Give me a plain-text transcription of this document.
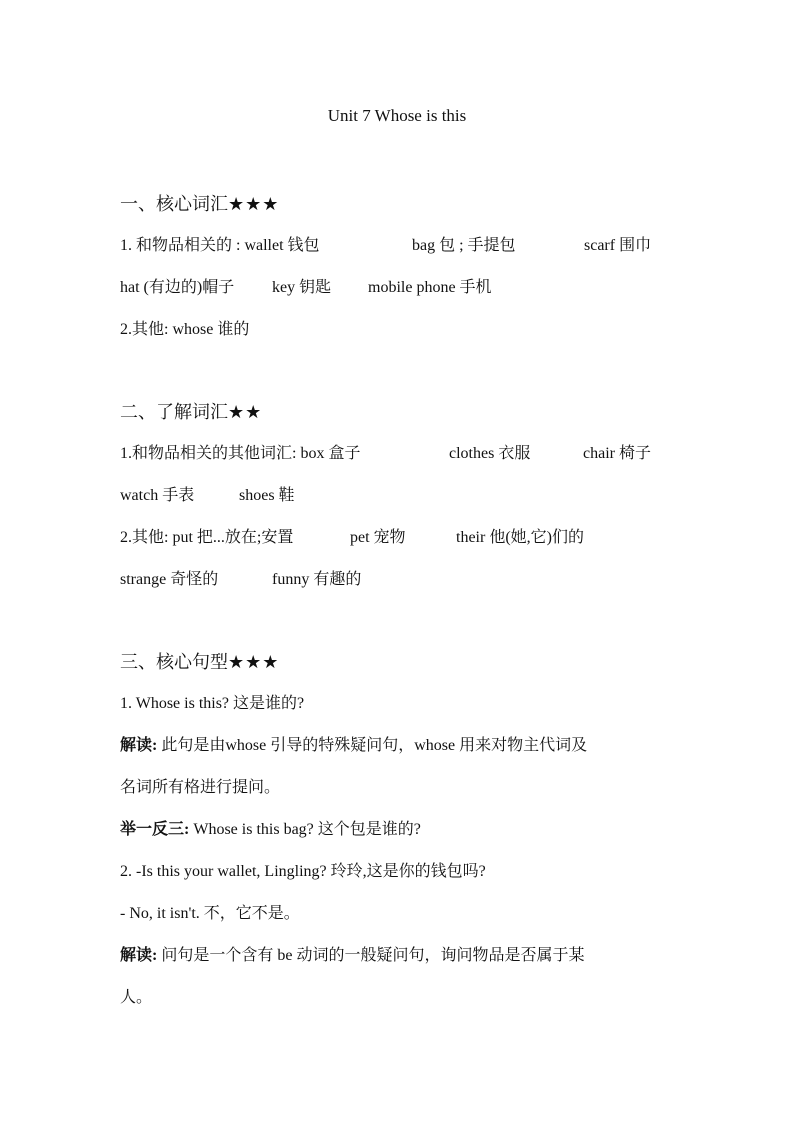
Unit 7 Whose is this
一、核心词汇★★★
1. 和物品相关的 : wallet 钱包	bag 包 ; 手提包	scarf 围巾
hat (有边的)帽子 key 钥匙 mobile phone 手机
2.其他: whose 谁的
二、了解词汇★★
1.和物品相关的其他词汇: box 盒子	clothes 衣服	chair 椅子
watch 手表	shoes 鞋
2.其他: put 把...放在;安置	pet 宠物	their 他(她,它)们的
strange 奇怪的	funny 有趣的
三、核心句型★★★
1. Whose is this? 这是谁的?
解读: 此句是由whose 引导的特殊疑问句，whose 用来对物主代词及
名词所有格进行提问。
举一反三: Whose is this bag? 这个包是谁的?
2. -Is this your wallet, Lingling? 玲玲,这是你的钱包吗?
- No, it isn't. 不，它不是。
解读: 问句是一个含有 be 动词的一般疑问句，询问物品是否属于某
人。
